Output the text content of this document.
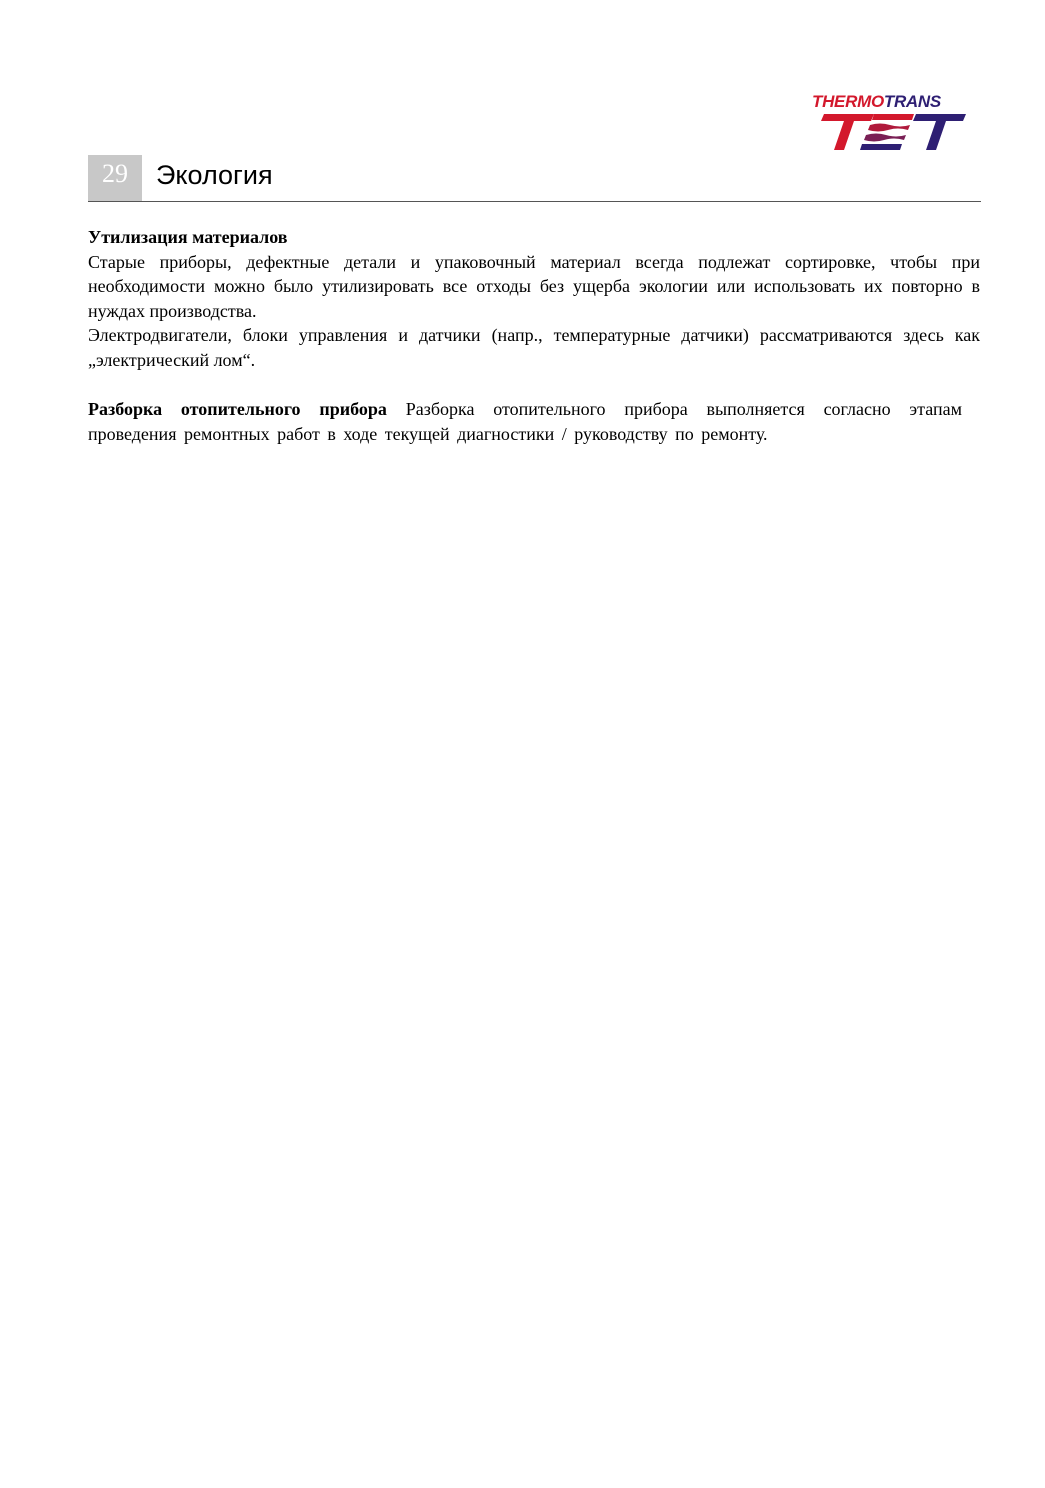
THERMOTRANS
29	Экология

Утилизация материалов

Старые приборы, дефектные детали и упаковочный материал всегда подлежат сортировке, чтобы при необходимости можно было утилизировать все отходы без ущерба экологии или использовать их повторно в нуждах производства.

Электродвигатели, блоки управления и датчики (напр., температурные датчики) рассматриваются здесь как „электрический лом“.

Разборка отопительного прибора Разборка отопительного прибора выполняется согласно этапам проведения ремонтных работ в ходе текущей диагностики / руководству по ремонту.
